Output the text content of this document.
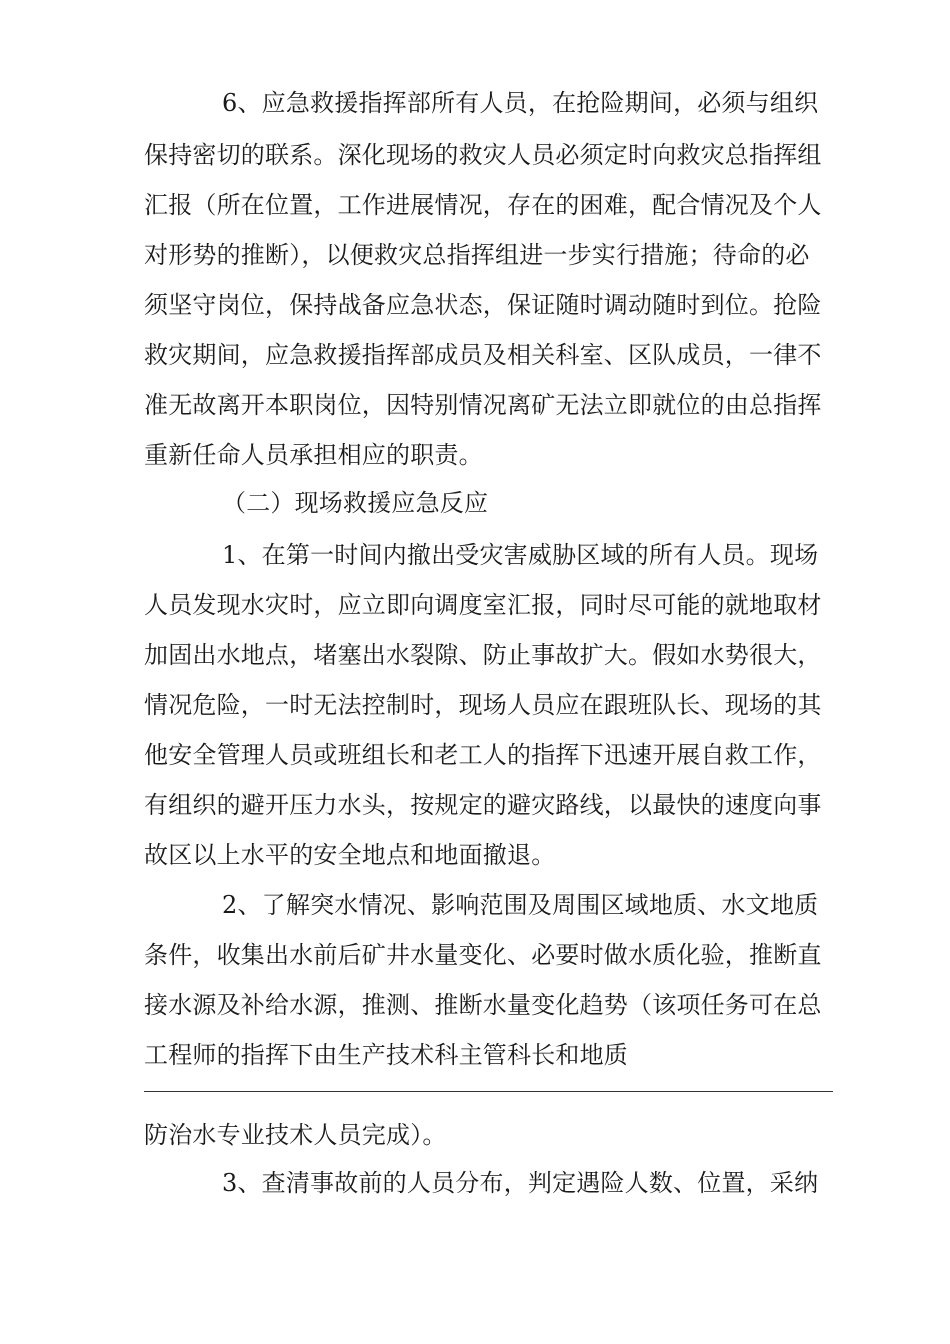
6、应急救援指挥部所有人员，在抢险期间，必须与组织
保持密切的联系。深化现场的救灾人员必须定时向救灾总指挥组
汇报（所在位置，工作进展情况，存在的困难，配合情况及个人
对形势的推断），以便救灾总指挥组进一步实行措施；待命的必
须坚守岗位，保持战备应急状态，保证随时调动随时到位。抢险
救灾期间，应急救援指挥部成员及相关科室、区队成员，一律不
准无故离开本职岗位，因特别情况离矿无法立即就位的由总指挥
重新任命人员承担相应的职责。
（二）现场救援应急反应
1、在第一时间内撤出受灾害威胁区域的所有人员。现场
人员发现水灾时，应立即向调度室汇报，同时尽可能的就地取材
加固出水地点，堵塞出水裂隙、防止事故扩大。假如水势很大，
情况危险，一时无法控制时，现场人员应在跟班队长、现场的其
他安全管理人员或班组长和老工人的指挥下迅速开展自救工作，
有组织的避开压力水头，按规定的避灾路线，以最快的速度向事
故区以上水平的安全地点和地面撤退。
2、了解突水情况、影响范围及周围区域地质、水文地质
条件，收集出水前后矿井水量变化、必要时做水质化验，推断直
接水源及补给水源，推测、推断水量变化趋势（该项任务可在总
工程师的指挥下由生产技术科主管科长和地质
防治水专业技术人员完成）。
3、查清事故前的人员分布，判定遇险人数、位置，采纳
